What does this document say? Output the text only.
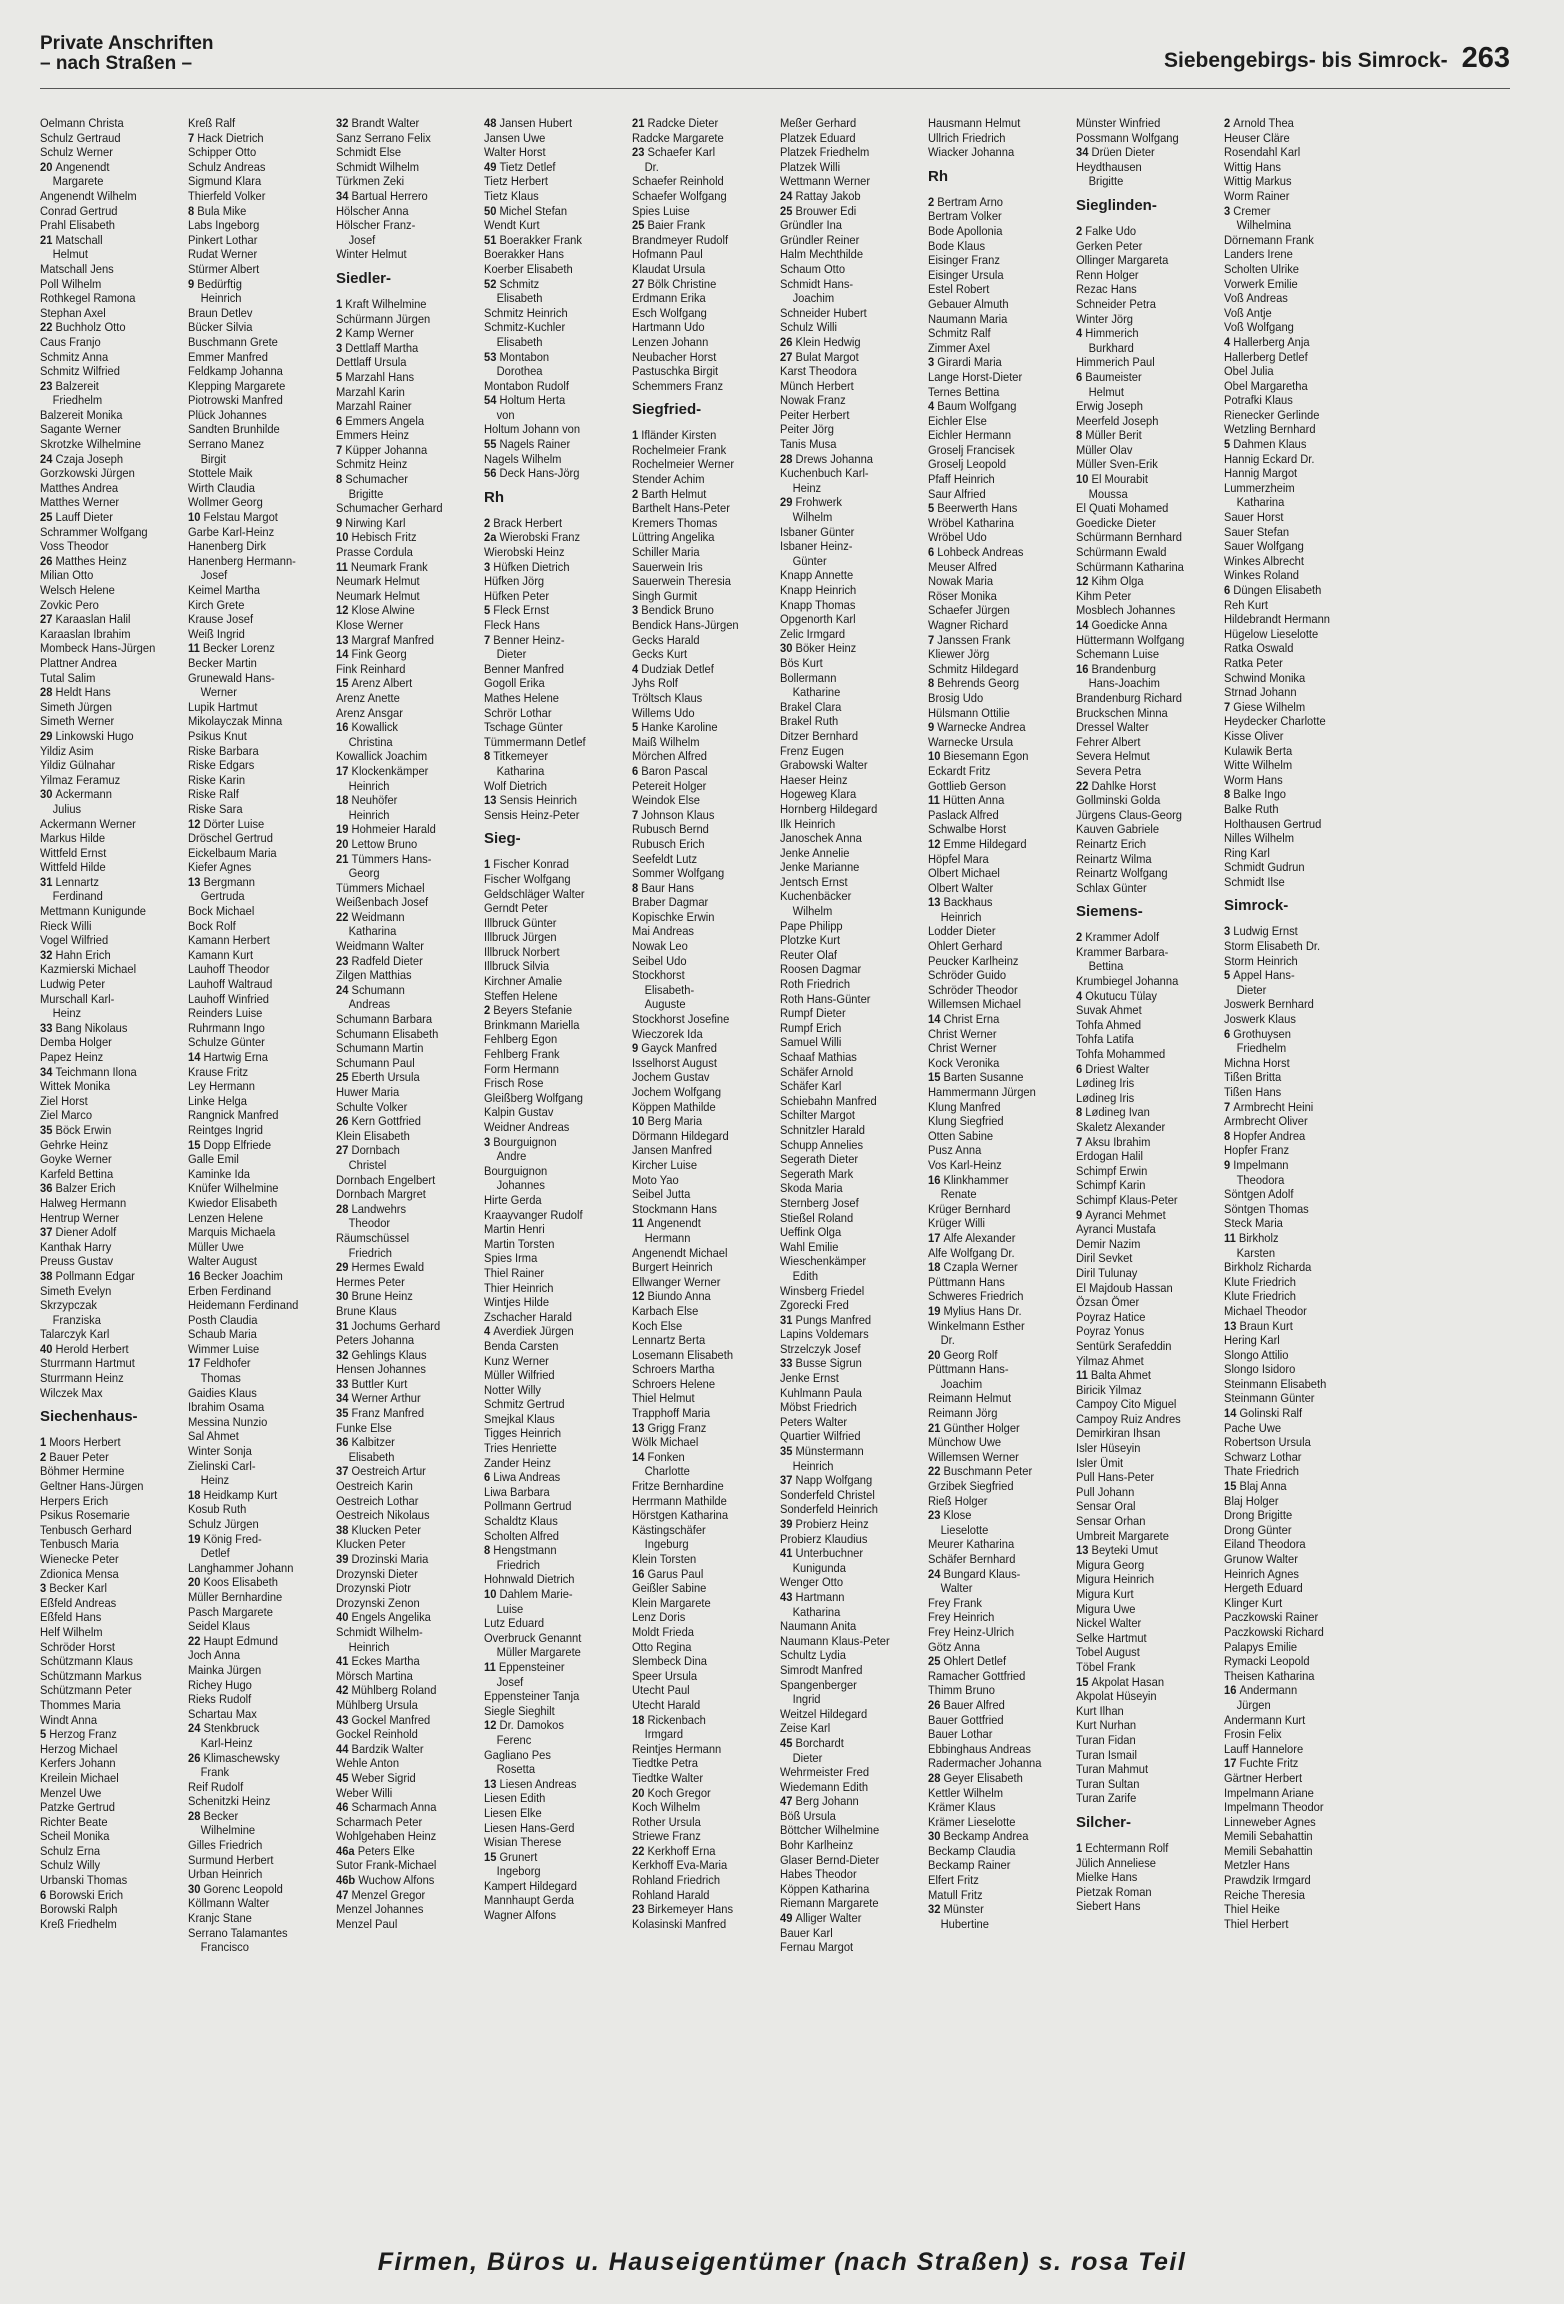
Private Anschriften
– nach Straßen –	Siebengebirgs- bis Simrock- 263
Oelmann Christa
Schulz Gertraud
Schulz Werner
20 Angenendt
Margarete
Angenendt Wilhelm
Conrad Gertrud
Prahl Elisabeth
21 Matschall
Helmut
Matschall Jens
Poll Wilhelm
Rothkegel Ramona
Stephan Axel
22 Buchholz Otto
Caus Franjo
Schmitz Anna
Schmitz Wilfried
23 Balzereit
Friedhelm
Balzereit Monika
Sagante Werner
Skrotzke Wilhelmine
24 Czaja Joseph
Gorzkowski Jürgen
Matthes Andrea
Matthes Werner
25 Lauff Dieter
Schrammer Wolfgang
Voss Theodor
26 Matthes Heinz
Milian Otto
Welsch Helene
Zovkic Pero
27 Karaaslan Halil
Karaaslan Ibrahim
Mombeck Hans-Jürgen
Plattner Andrea
Tutal Salim
28 Heldt Hans
Simeth Jürgen
Simeth Werner
29 Linkowski Hugo
Yildiz Asim
Yildiz Gülnahar
Yilmaz Feramuz
30 Ackermann
Julius
Ackermann Werner
Markus Hilde
Wittfeld Ernst
Wittfeld Hilde
31 Lennartz
Ferdinand
Mettmann Kunigunde
Rieck Willi
Vogel Wilfried
32 Hahn Erich
Kazmierski Michael
Ludwig Peter
Murschall Karl-
Heinz
33 Bang Nikolaus
Demba Holger
Papez Heinz
34 Teichmann Ilona
Wittek Monika
Ziel Horst
Ziel Marco
35 Böck Erwin
Gehrke Heinz
Goyke Werner
Karfeld Bettina
36 Balzer Erich
Halweg Hermann
Hentrup Werner
37 Diener Adolf
Kanthak Harry
Preuss Gustav
38 Pollmann Edgar
Simeth Evelyn
Skrzypczak
Franziska
Talarczyk Karl
40 Herold Herbert
Sturrmann Hartmut
Sturrmann Heinz
Wilczek Max
Siechenhaus-
1 Moors Herbert
2 Bauer Peter
Böhmer Hermine
Geltner Hans-Jürgen
Herpers Erich
Psikus Rosemarie
Tenbusch Gerhard
Tenbusch Maria
Wienecke Peter
Zdionica Mensa
3 Becker Karl
Eßfeld Andreas
Eßfeld Hans
Helf Wilhelm
Schröder Horst
Schützmann Klaus
Schützmann Markus
Schützmann Peter
Thommes Maria
Windt Anna
5 Herzog Franz
Herzog Michael
Kerfers Johann
Kreilein Michael
Menzel Uwe
Patzke Gertrud
Richter Beate
Scheil Monika
Schulz Erna
Schulz Willy
Urbanski Thomas
6 Borowski Erich
Borowski Ralph
Kreß Friedhelm
Kreß Ralf
7 Hack Dietrich
Schipper Otto
Schulz Andreas
Sigmund Klara
Thierfeld Volker
8 Bula Mike
Labs Ingeborg
Pinkert Lothar
Rudat Werner
Stürmer Albert
9 Bedürftig
Heinrich
Braun Detlev
Bücker Silvia
Buschmann Grete
Emmer Manfred
Feldkamp Johanna
Klepping Margarete
Piotrowski Manfred
Plück Johannes
Sandten Brunhilde
Serrano Manez
Birgit
Stottele Maik
Wirth Claudia
Wollmer Georg
10 Felstau Margot
Garbe Karl-Heinz
Hanenberg Dirk
Hanenberg Hermann-
Josef
Keimel Martha
Kirch Grete
Krause Josef
Weiß Ingrid
11 Becker Lorenz
Becker Martin
Grunewald Hans-
Werner
Lupik Hartmut
Mikolayczak Minna
Psikus Knut
Riske Barbara
Riske Edgars
Riske Karin
Riske Ralf
Riske Sara
12 Dörter Luise
Dröschel Gertrud
Eickelbaum Maria
Kiefer Agnes
13 Bergmann
Gertruda
Bock Michael
Bock Rolf
Kamann Herbert
Kamann Kurt
Lauhoff Theodor
Lauhoff Waltraud
Lauhoff Winfried
Reinders Luise
Ruhrmann Ingo
Schulze Günter
14 Hartwig Erna
Krause Fritz
Ley Hermann
Linke Helga
Rangnick Manfred
Reintges Ingrid
15 Dopp Elfriede
Galle Emil
Kaminke Ida
Knüfer Wilhelmine
Kwiedor Elisabeth
Lenzen Helene
Marquis Michaela
Müller Uwe
Walter August
16 Becker Joachim
Erben Ferdinand
Heidemann Ferdinand
Posth Claudia
Schaub Maria
Wimmer Luise
17 Feldhofer
Thomas
Gaidies Klaus
Ibrahim Osama
Messina Nunzio
Sal Ahmet
Winter Sonja
Zielinski Carl-
Heinz
18 Heidkamp Kurt
Kosub Ruth
Schulz Jürgen
19 König Fred-
Detlef
Langhammer Johann
20 Koos Elisabeth
Müller Bernhardine
Pasch Margarete
Seidel Klaus
22 Haupt Edmund
Joch Anna
Mainka Jürgen
Richey Hugo
Rieks Rudolf
Schartau Max
24 Stenkbruck
Karl-Heinz
26 Klimaschewsky
Frank
Reif Rudolf
Schenitzki Heinz
28 Becker
Wilhelmine
Gilles Friedrich
Surmund Herbert
Urban Heinrich
30 Gorenc Leopold
Köllmann Walter
Kranjc Stane
Serrano Talamantes
Francisco
32 Brandt Walter
Sanz Serrano Felix
Schmidt Else
Schmidt Wilhelm
Türkmen Zeki
34 Bartual Herrero
Hölscher Anna
Hölscher Franz-
Josef
Winter Helmut
Siedler-
1 Kraft Wilhelmine
Schürmann Jürgen
2 Kamp Werner
3 Dettlaff Martha
Dettlaff Ursula
5 Marzahl Hans
Marzahl Karin
Marzahl Rainer
6 Emmers Angela
Emmers Heinz
7 Küpper Johanna
Schmitz Heinz
8 Schumacher
Brigitte
Schumacher Gerhard
9 Nirwing Karl
10 Hebisch Fritz
Prasse Cordula
11 Neumark Frank
Neumark Helmut
Neumark Helmut
12 Klose Alwine
Klose Werner
13 Margraf Manfred
14 Fink Georg
Fink Reinhard
15 Arenz Albert
Arenz Anette
Arenz Ansgar
16 Kowallick
Christina
Kowallick Joachim
17 Klockenkämper
Heinrich
18 Neuhöfer
Heinrich
19 Hohmeier Harald
20 Lettow Bruno
21 Tümmers Hans-
Georg
Tümmers Michael
Weißenbach Josef
22 Weidmann
Katharina
Weidmann Walter
23 Radfeld Dieter
Zilgen Matthias
24 Schumann
Andreas
Schumann Barbara
Schumann Elisabeth
Schumann Martin
Schumann Paul
25 Eberth Ursula
Huwer Maria
Schulte Volker
26 Kern Gottfried
Klein Elisabeth
27 Dornbach
Christel
Dornbach Engelbert
Dornbach Margret
28 Landwehrs
Theodor
Räumschüssel
Friedrich
29 Hermes Ewald
Hermes Peter
30 Brune Heinz
Brune Klaus
31 Jochums Gerhard
Peters Johanna
32 Gehlings Klaus
Hensen Johannes
33 Buttler Kurt
34 Werner Arthur
35 Franz Manfred
Funke Else
36 Kalbitzer
Elisabeth
37 Oestreich Artur
Oestreich Karin
Oestreich Lothar
Oestreich Nikolaus
38 Klucken Peter
Klucken Peter
39 Drozinski Maria
Drozynski Dieter
Drozynski Piotr
Drozynski Zenon
40 Engels Angelika
Schmidt Wilhelm-
Heinrich
41 Eckes Martha
Mörsch Martina
42 Mühlberg Roland
Mühlberg Ursula
43 Gockel Manfred
Gockel Reinhold
44 Bardzik Walter
Wehle Anton
45 Weber Sigrid
Weber Willi
46 Scharmach Anna
Scharmach Peter
Wohlgehaben Heinz
46a Peters Elke
Sutor Frank-Michael
46b Wuchow Alfons
47 Menzel Gregor
Menzel Johannes
Menzel Paul
48 Jansen Hubert
Jansen Uwe
Walter Horst
49 Tietz Detlef
Tietz Herbert
Tietz Klaus
50 Michel Stefan
Wendt Kurt
51 Boerakker Frank
Boerakker Hans
Koerber Elisabeth
52 Schmitz
Elisabeth
Schmitz Heinrich
Schmitz-Kuchler
Elisabeth
53 Montabon
Dorothea
Montabon Rudolf
54 Holtum Herta
von
Holtum Johann von
55 Nagels Rainer
Nagels Wilhelm
56 Deck Hans-Jörg
Rh
2 Brack Herbert
2a Wierobski Franz
Wierobski Heinz
3 Hüfken Dietrich
Hüfken Jörg
Hüfken Peter
5 Fleck Ernst
Fleck Hans
7 Benner Heinz-
Dieter
Benner Manfred
Gogoll Erika
Mathes Helene
Schrör Lothar
Tschage Günter
Tümmermann Detlef
8 Titkemeyer
Katharina
Wolf Dietrich
13 Sensis Heinrich
Sensis Heinz-Peter
Sieg-
1 Fischer Konrad
Fischer Wolfgang
Geldschläger Walter
Gerndt Peter
Illbruck Günter
Illbruck Jürgen
Illbruck Norbert
Illbruck Silvia
Kirchner Amalie
Steffen Helene
2 Beyers Stefanie
Brinkmann Mariella
Fehlberg Egon
Fehlberg Frank
Form Hermann
Frisch Rose
Gleißberg Wolfgang
Kalpin Gustav
Weidner Andreas
3 Bourguignon
Andre
Bourguignon
Johannes
Hirte Gerda
Kraayvanger Rudolf
Martin Henri
Martin Torsten
Spies Irma
Thiel Rainer
Thier Heinrich
Wintjes Hilde
Zschacher Harald
4 Averdiek Jürgen
Benda Carsten
Kunz Werner
Müller Wilfried
Notter Willy
Schmitz Gertrud
Smejkal Klaus
Tigges Heinrich
Tries Henriette
Zander Heinz
6 Liwa Andreas
Liwa Barbara
Pollmann Gertrud
Schaldtz Klaus
Scholten Alfred
8 Hengstmann
Friedrich
Hohnwald Dietrich
10 Dahlem Marie-
Luise
Lutz Eduard
Overbruck Genannt
Müller Margarete
11 Eppensteiner
Josef
Eppensteiner Tanja
Siegle Sieghilt
12 Dr. Damokos
Ferenc
Gagliano Pes
Rosetta
13 Liesen Andreas
Liesen Edith
Liesen Elke
Liesen Hans-Gerd
Wisian Therese
15 Grunert
Ingeborg
Kampert Hildegard
Mannhaupt Gerda
Wagner Alfons
21 Radcke Dieter
Radcke Margarete
23 Schaefer Karl
Dr.
Schaefer Reinhold
Schaefer Wolfgang
Spies Luise
25 Baier Frank
Brandmeyer Rudolf
Hofmann Paul
Klaudat Ursula
27 Bölk Christine
Erdmann Erika
Esch Wolfgang
Hartmann Udo
Lenzen Johann
Neubacher Horst
Pastuschka Birgit
Schemmers Franz
Siegfried-
1 Ifländer Kirsten
Rochelmeier Frank
Rochelmeier Werner
Stender Achim
2 Barth Helmut
Barthelt Hans-Peter
Kremers Thomas
Lüttring Angelika
Schiller Maria
Sauerwein Iris
Sauerwein Theresia
Singh Gurmit
3 Bendick Bruno
Bendick Hans-Jürgen
Gecks Harald
Gecks Kurt
4 Dudziak Detlef
Jyhs Rolf
Tröltsch Klaus
Willems Udo
5 Hanke Karoline
Maiß Wilhelm
Mörchen Alfred
6 Baron Pascal
Petereit Holger
Weindok Else
7 Johnson Klaus
Rubusch Bernd
Rubusch Erich
Seefeldt Lutz
Sommer Wolfgang
8 Baur Hans
Braber Dagmar
Kopischke Erwin
Mai Andreas
Nowak Leo
Seibel Udo
Stockhorst
Elisabeth-
Auguste
Stockhorst Josefine
Wieczorek Ida
9 Gayck Manfred
Isselhorst August
Jochem Gustav
Jochem Wolfgang
Köppen Mathilde
10 Berg Maria
Dörmann Hildegard
Jansen Manfred
Kircher Luise
Moto Yao
Seibel Jutta
Stockmann Hans
11 Angenendt
Hermann
Angenendt Michael
Burgert Heinrich
Ellwanger Werner
12 Biundo Anna
Karbach Else
Koch Else
Lennartz Berta
Losemann Elisabeth
Schroers Martha
Schroers Helene
Thiel Helmut
Trapphoff Maria
13 Grigg Franz
Wölk Michael
14 Fonken
Charlotte
Fritze Bernhardine
Herrmann Mathilde
Hörstgen Katharina
Kästingschäfer
Ingeburg
Klein Torsten
16 Garus Paul
Geißler Sabine
Klein Margarete
Lenz Doris
Moldt Frieda
Otto Regina
Slembeck Dina
Speer Ursula
Utecht Paul
Utecht Harald
18 Rickenbach
Irmgard
Reintjes Hermann
Tiedtke Petra
Tiedtke Walter
20 Koch Gregor
Koch Wilhelm
Rother Ursula
Striewe Franz
22 Kerkhoff Erna
Kerkhoff Eva-Maria
Rohland Friedrich
Rohland Harald
23 Birkemeyer Hans
Kolasinski Manfred
Meßer Gerhard
Platzek Eduard
Platzek Friedhelm
Platzek Willi
Wettmann Werner
24 Rattay Jakob
25 Brouwer Edi
Gründler Ina
Gründler Reiner
Halm Mechthilde
Schaum Otto
Schmidt Hans-
Joachim
Schneider Hubert
Schulz Willi
26 Klein Hedwig
27 Bulat Margot
Karst Theodora
Münch Herbert
Nowak Franz
Peiter Herbert
Peiter Jörg
Tanis Musa
28 Drews Johanna
Kuchenbuch Karl-
Heinz
29 Frohwerk
Wilhelm
Isbaner Günter
Isbaner Heinz-
Günter
Knapp Annette
Knapp Heinrich
Knapp Thomas
Opgenorth Karl
Zelic Irmgard
30 Böker Heinz
Bös Kurt
Bollermann
Katharine
Brakel Clara
Brakel Ruth
Ditzer Bernhard
Frenz Eugen
Grabowski Walter
Haeser Heinz
Hogeweg Klara
Hornberg Hildegard
Ilk Heinrich
Janoschek Anna
Jenke Annelie
Jenke Marianne
Jentsch Ernst
Kuchenbäcker
Wilhelm
Pape Philipp
Plotzke Kurt
Reuter Olaf
Roosen Dagmar
Roth Friedrich
Roth Hans-Günter
Rumpf Dieter
Rumpf Erich
Samuel Willi
Schaaf Mathias
Schäfer Arnold
Schäfer Karl
Schiebahn Manfred
Schilter Margot
Schnitzler Harald
Schupp Annelies
Segerath Dieter
Segerath Mark
Skoda Maria
Sternberg Josef
Stießel Roland
Ueffink Olga
Wahl Emilie
Wieschenkämper
Edith
Winsberg Friedel
Zgorecki Fred
31 Pungs Manfred
Lapins Voldemars
Strzelczyk Josef
33 Busse Sigrun
Jenke Ernst
Kuhlmann Paula
Möbst Friedrich
Peters Walter
Quartier Wilfried
35 Münstermann
Heinrich
37 Napp Wolfgang
Sonderfeld Christel
Sonderfeld Heinrich
39 Probierz Heinz
Probierz Klaudius
41 Unterbuchner
Kunigunda
Wenger Otto
43 Hartmann
Katharina
Naumann Anita
Naumann Klaus-Peter
Schultz Lydia
Simrodt Manfred
Spangenberger
Ingrid
Weitzel Hildegard
Zeise Karl
45 Borchardt
Dieter
Wehrmeister Fred
Wiedemann Edith
47 Berg Johann
Böß Ursula
Böttcher Wilhelmine
Bohr Karlheinz
Glaser Bernd-Dieter
Habes Theodor
Köppen Katharina
Riemann Margarete
49 Alliger Walter
Bauer Karl
Fernau Margot
Hausmann Helmut
Ullrich Friedrich
Wiacker Johanna
Rh
2 Bertram Arno
Bertram Volker
Bode Apollonia
Bode Klaus
Eisinger Franz
Eisinger Ursula
Estel Robert
Gebauer Almuth
Naumann Maria
Schmitz Ralf
Zimmer Axel
3 Girardi Maria
Lange Horst-Dieter
Ternes Bettina
4 Baum Wolfgang
Eichler Else
Eichler Hermann
Groselj Francisek
Groselj Leopold
Pfaff Heinrich
Saur Alfried
5 Beerwerth Hans
Wröbel Katharina
Wröbel Udo
6 Lohbeck Andreas
Meuser Alfred
Nowak Maria
Röser Monika
Schaefer Jürgen
Wagner Richard
7 Janssen Frank
Kliewer Jörg
Schmitz Hildegard
8 Behrends Georg
Brosig Udo
Hülsmann Ottilie
9 Warnecke Andrea
Warnecke Ursula
10 Biesemann Egon
Eckardt Fritz
Gottlieb Gerson
11 Hütten Anna
Paslack Alfred
Schwalbe Horst
12 Emme Hildegard
Höpfel Mara
Olbert Michael
Olbert Walter
13 Backhaus
Heinrich
Lodder Dieter
Ohlert Gerhard
Peucker Karlheinz
Schröder Guido
Schröder Theodor
Willemsen Michael
14 Christ Erna
Christ Werner
Christ Werner
Kock Veronika
15 Barten Susanne
Hammermann Jürgen
Klung Manfred
Klung Siegfried
Otten Sabine
Pusz Anna
Vos Karl-Heinz
16 Klinkhammer
Renate
Krüger Bernhard
Krüger Willi
17 Alfe Alexander
Alfe Wolfgang Dr.
18 Czapla Werner
Püttmann Hans
Schweres Friedrich
19 Mylius Hans Dr.
Winkelmann Esther
Dr.
20 Georg Rolf
Püttmann Hans-
Joachim
Reimann Helmut
Reimann Jörg
21 Günther Holger
Münchow Uwe
Willemsen Werner
22 Buschmann Peter
Grzibek Siegfried
Rieß Holger
23 Klose
Lieselotte
Meurer Katharina
Schäfer Bernhard
24 Bungard Klaus-
Walter
Frey Frank
Frey Heinrich
Frey Heinz-Ulrich
Götz Anna
25 Ohlert Detlef
Ramacher Gottfried
Thimm Bruno
26 Bauer Alfred
Bauer Gottfried
Bauer Lothar
Ebbinghaus Andreas
Radermacher Johanna
28 Geyer Elisabeth
Kettler Wilhelm
Krämer Klaus
Krämer Lieselotte
30 Beckamp Andrea
Beckamp Claudia
Beckamp Rainer
Elfert Fritz
Matull Fritz
32 Münster
Hubertine
Münster Winfried
Possmann Wolfgang
34 Drüen Dieter
Heydthausen
Brigitte
Sieglinden-
2 Falke Udo
Gerken Peter
Ollinger Margareta
Renn Holger
Rezac Hans
Schneider Petra
Winter Jörg
4 Himmerich
Burkhard
Himmerich Paul
6 Baumeister
Helmut
Erwig Joseph
Meerfeld Joseph
8 Müller Berit
Müller Olav
Müller Sven-Erik
10 El Mourabit
Moussa
El Quati Mohamed
Goedicke Dieter
Schürmann Bernhard
Schürmann Ewald
Schürmann Katharina
12 Kihm Olga
Kihm Peter
Mosblech Johannes
14 Goedicke Anna
Hüttermann Wolfgang
Schemann Luise
16 Brandenburg
Hans-Joachim
Brandenburg Richard
Bruckschen Minna
Dressel Walter
Fehrer Albert
Severa Helmut
Severa Petra
22 Dahlke Horst
Gollminski Golda
Jürgens Claus-Georg
Kauven Gabriele
Reinartz Erich
Reinartz Wilma
Reinartz Wolfgang
Schlax Günter
Siemens-
2 Krammer Adolf
Krammer Barbara-
Bettina
Krumbiegel Johanna
4 Okutucu Tülay
Suvak Ahmet
Tohfa Ahmed
Tohfa Latifa
Tohfa Mohammed
6 Driest Walter
Lødineg Iris
Lødineg Iris
8 Lødineg Ivan
Skaletz Alexander
7 Aksu Ibrahim
Erdogan Halil
Schimpf Erwin
Schimpf Karin
Schimpf Klaus-Peter
9 Ayranci Mehmet
Ayranci Mustafa
Demir Nazim
Diril Sevket
Diril Tulunay
El Majdoub Hassan
Özsan Ömer
Poyraz Hatice
Poyraz Yonus
Sentürk Serafeddin
Yilmaz Ahmet
11 Balta Ahmet
Biricik Yilmaz
Campoy Cito Miguel
Campoy Ruiz Andres
Demirkiran Ihsan
Isler Hüseyin
Isler Ümit
Pull Hans-Peter
Pull Johann
Sensar Oral
Sensar Orhan
Umbreit Margarete
13 Beyteki Umut
Migura Georg
Migura Heinrich
Migura Kurt
Migura Uwe
Nickel Walter
Selke Hartmut
Tobel August
Töbel Frank
15 Akpolat Hasan
Akpolat Hüseyin
Kurt Ilhan
Kurt Nurhan
Turan Fidan
Turan Ismail
Turan Mahmut
Turan Sultan
Turan Zarife
Silcher-
1 Echtermann Rolf
Jülich Anneliese
Mielke Hans
Pietzak Roman
Siebert Hans
2 Arnold Thea
Heuser Cläre
Rosendahl Karl
Wittig Hans
Wittig Markus
Worm Rainer
3 Cremer
Wilhelmina
Dörnemann Frank
Landers Irene
Scholten Ulrike
Vorwerk Emilie
Voß Andreas
Voß Antje
Voß Wolfgang
4 Hallerberg Anja
Hallerberg Detlef
Obel Julia
Obel Margaretha
Potrafki Klaus
Rienecker Gerlinde
Wetzling Bernhard
5 Dahmen Klaus
Hannig Eckard Dr.
Hannig Margot
Lummerzheim
Katharina
Sauer Horst
Sauer Stefan
Sauer Wolfgang
Winkes Albrecht
Winkes Roland
6 Düngen Elisabeth
Reh Kurt
Hildebrandt Hermann
Hügelow Lieselotte
Ratka Oswald
Ratka Peter
Schwind Monika
Strnad Johann
7 Giese Wilhelm
Heydecker Charlotte
Kisse Oliver
Kulawik Berta
Witte Wilhelm
Worm Hans
8 Balke Ingo
Balke Ruth
Holthausen Gertrud
Nilles Wilhelm
Ring Karl
Schmidt Gudrun
Schmidt Ilse
Simrock-
3 Ludwig Ernst
Storm Elisabeth Dr.
Storm Heinrich
5 Appel Hans-
Dieter
Joswerk Bernhard
Joswerk Klaus
6 Grothuysen
Friedhelm
Michna Horst
Tißen Britta
Tißen Hans
7 Armbrecht Heini
Armbrecht Oliver
8 Hopfer Andrea
Hopfer Franz
9 Impelmann
Theodora
Söntgen Adolf
Söntgen Thomas
Steck Maria
11 Birkholz
Karsten
Birkholz Richarda
Klute Friedrich
Klute Friedrich
Michael Theodor
13 Braun Kurt
Hering Karl
Slongo Attilio
Slongo Isidoro
Steinmann Elisabeth
Steinmann Günter
14 Golinski Ralf
Pache Uwe
Robertson Ursula
Schwarz Lothar
Thate Friedrich
15 Blaj Anna
Blaj Holger
Drong Brigitte
Drong Günter
Eiland Theodora
Grunow Walter
Heinrich Agnes
Hergeth Eduard
Klinger Kurt
Paczkowski Rainer
Paczkowski Richard
Palapys Emilie
Rymacki Leopold
Theisen Katharina
16 Andermann
Jürgen
Andermann Kurt
Frosin Felix
Lauff Hannelore
17 Fuchte Fritz
Gärtner Herbert
Impelmann Ariane
Impelmann Theodor
Linneweber Agnes
Memili Sebahattin
Memili Sebahattin
Metzler Hans
Prawdzik Irmgard
Reiche Theresia
Thiel Heike
Thiel Herbert
Firmen, Büros u. Hauseigentümer (nach Straßen) s. rosa Teil
